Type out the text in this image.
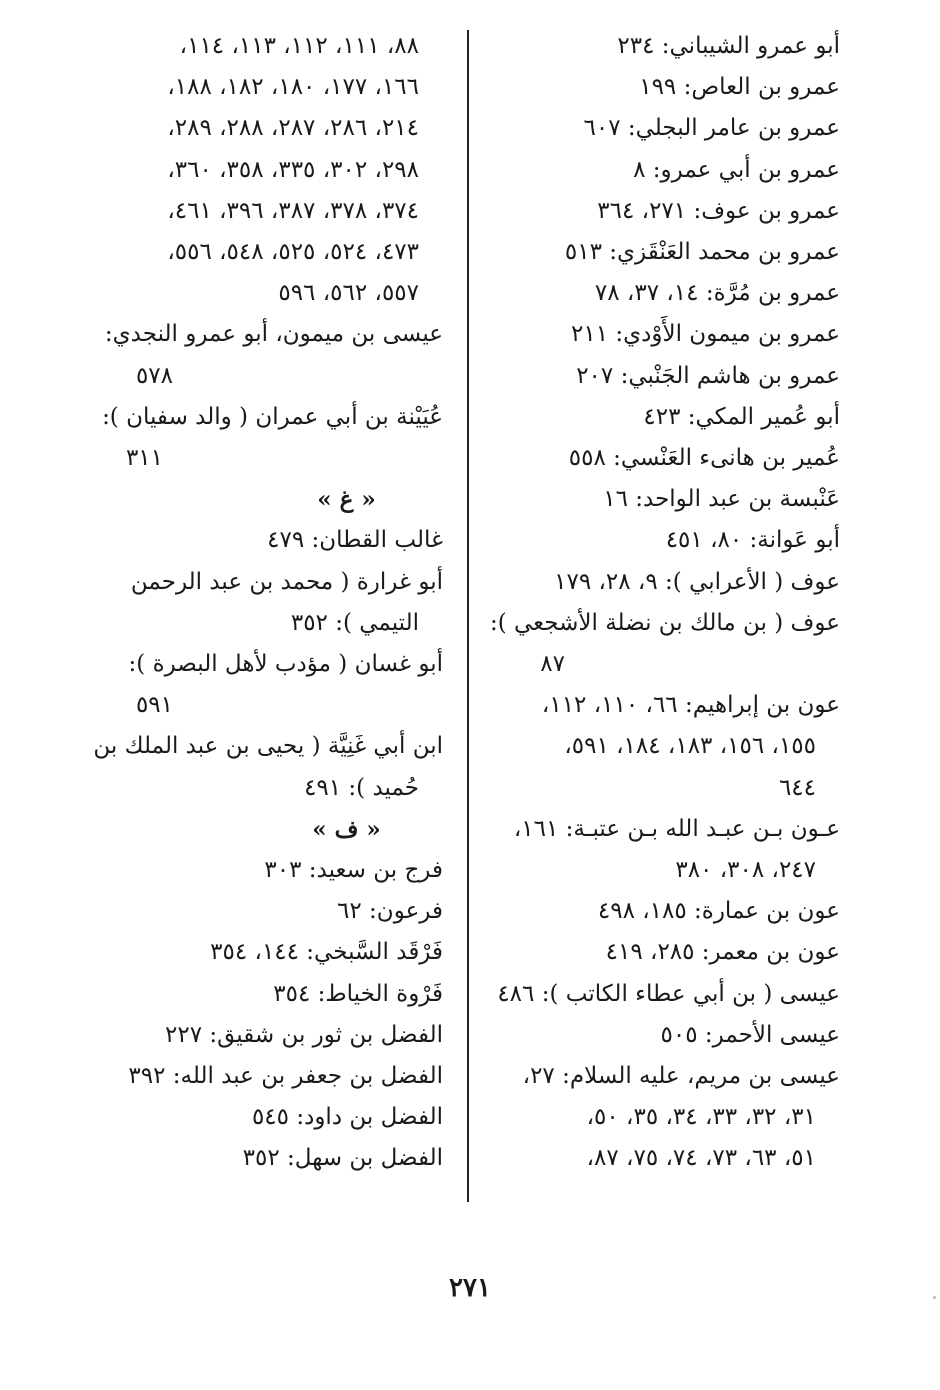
أبو عمرو الشيباني: ٢٣٤
عمرو بن العاص: ١٩٩
عمرو بن عامر البجلي: ٦٠٧
عمرو بن أبي عمرو: ٨
عمرو بن عوف: ٢٧١، ٣٦٤
عمرو بن محمد العَنْقَزي: ٥١٣
عمرو بن مُرَّة: ١٤، ٣٧، ٧٨
عمرو بن ميمون الأَوْدي: ٢١١
عمرو بن هاشم الجَنْبي: ٢٠٧
أبو عُمير المكي: ٤٢٣
عُمير بن هانىء العَنْسي: ٥٥٨
عَنْبسة بن عبد الواحد: ١٦
أبو عَوانة: ٨٠، ٤٥١
عوف ( الأعرابي ): ٩، ٢٨، ١٧٩
عوف ( بن مالك بن نضلة الأشجعي ):
٨٧
عون بن إبراهيم: ٦٦، ١١٠، ١١٢،
١٥٥، ١٥٦، ١٨٣، ١٨٤، ٥٩١،
٦٤٤
عـون بـن عبـد الله بـن عتبـة: ١٦١،
٢٤٧، ٣٠٨، ٣٨٠
عون بن عمارة: ١٨٥، ٤٩٨
عون بن معمر: ٢٨٥، ٤١٩
عيسى ( بن أبي عطاء الكاتب ): ٤٨٦
عيسى الأحمر: ٥٠٥
عيسى بن مريم، عليه السلام: ٢٧،
٣١، ٣٢، ٣٣، ٣٤، ٣٥، ٥٠،
٥١، ٦٣، ٧٣، ٧٤، ٧٥، ٨٧،
٨٨، ١١١، ١١٢، ١١٣، ١١٤،
١٦٦، ١٧٧، ١٨٠، ١٨٢، ١٨٨،
٢١٤، ٢٨٦، ٢٨٧، ٢٨٨، ٢٨٩،
٢٩٨، ٣٠٢، ٣٣٥، ٣٥٨، ٣٦٠،
٣٧٤، ٣٧٨، ٣٨٧، ٣٩٦، ٤٦١،
٤٧٣، ٥٢٤، ٥٢٥، ٥٤٨، ٥٥٦،
٥٥٧، ٥٦٢، ٥٩٦
عيسى بن ميمون، أبو عمرو النجدي:
٥٧٨
عُيَيْنة بن أبي عمران ( والد سفيان ):
٣١١
« غ »
غالب القطان: ٤٧٩
أبو غرارة ( محمد بن عبد الرحمن
التيمي ): ٣٥٢
أبو غسان ( مؤدب لأهل البصرة ):
٥٩١
ابن أبي غَنِيَّة ( يحيى بن عبد الملك بن
حُميد ): ٤٩١
« ف »
فرج بن سعيد: ٣٠٣
فرعون: ٦٢
فَرْقَد السَّبخي: ١٤٤، ٣٥٤
فَرْوة الخياط: ٣٥٤
الفضل بن ثور بن شقيق: ٢٢٧
الفضل بن جعفر بن عبد الله: ٣٩٢
الفضل بن داود: ٥٤٥
الفضل بن سهل: ٣٥٢
٢٧١
